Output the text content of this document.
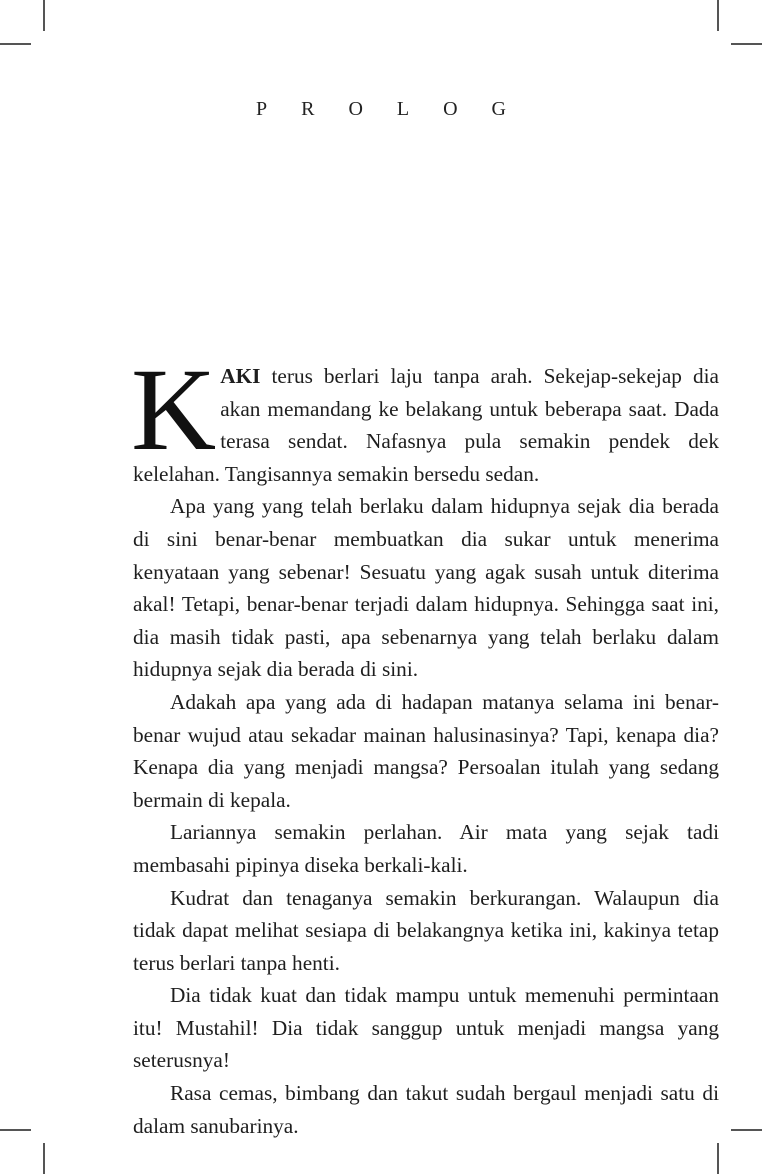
PROLOG

KAKI terus berlari laju tanpa arah. Sekejap-sekejap dia akan memandang ke belakang untuk beberapa saat. Dada terasa sendat. Nafasnya pula semakin pendek dek kelelahan. Tangisannya semakin bersedu sedan.

Apa yang yang telah berlaku dalam hidupnya sejak dia berada di sini benar-benar membuatkan dia sukar untuk menerima kenyataan yang sebenar! Sesuatu yang agak susah untuk diterima akal! Tetapi, benar-benar terjadi dalam hidupnya. Sehingga saat ini, dia masih tidak pasti, apa sebenarnya yang telah berlaku dalam hidupnya sejak dia berada di sini.

Adakah apa yang ada di hadapan matanya selama ini benar-benar wujud atau sekadar mainan halusinasinya? Tapi, kenapa dia? Kenapa dia yang menjadi mangsa? Persoalan itulah yang sedang bermain di kepala.

Lariannya semakin perlahan. Air mata yang sejak tadi membasahi pipinya diseka berkali-kali.

Kudrat dan tenaganya semakin berkurangan. Walaupun dia tidak dapat melihat sesiapa di belakangnya ketika ini, kakinya tetap terus berlari tanpa henti.

Dia tidak kuat dan tidak mampu untuk memenuhi permintaan itu! Mustahil! Dia tidak sanggup untuk menjadi mangsa yang seterusnya!

Rasa cemas, bimbang dan takut sudah bergaul menjadi satu di dalam sanubarinya.
